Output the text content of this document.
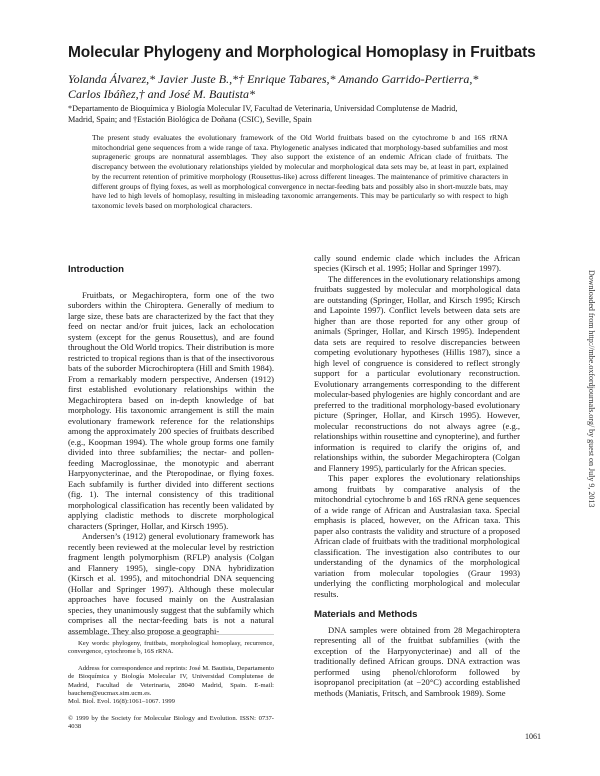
Molecular Phylogeny and Morphological Homoplasy in Fruitbats
Yolanda Álvarez,* Javier Juste B.,*† Enrique Tabares,* Amando Garrido-Pertierra,*
Carlos Ibáñez,† and José M. Bautista*
*Departamento de Bioquímica y Biología Molecular IV, Facultad de Veterinaria, Universidad Complutense de Madrid,
Madrid, Spain; and †Estación Biológica de Doñana (CSIC), Seville, Spain
The present study evaluates the evolutionary framework of the Old World fruitbats based on the cytochrome b and 16S rRNA mitochondrial gene sequences from a wide range of taxa. Phylogenetic analyses indicated that morphology-based subfamilies and most suprageneric groups are nonnatural assemblages. They also support the existence of an endemic African clade of fruitbats. The discrepancy between the evolutionary relationships yielded by molecular and morphological data sets may be, at least in part, explained by the recurrent retention of primitive morphology (Rousettus-like) across different lineages. The maintenance of primitive characters in different groups of flying foxes, as well as morphological convergence in nectar-feeding bats and possibly also in short-muzzle bats, may have led to high levels of homoplasy, resulting in misleading taxonomic arrangements. This may be particularly so with respect to high taxonomic levels based on morphological characters.
Introduction

Fruitbats, or Megachiroptera, form one of the two suborders within the Chiroptera. Generally of medium to large size, these bats are characterized by the fact that they feed on nectar and/or fruit juices, lack an echolocation system (except for the genus Rousettus), and are found throughout the Old World tropics. Their distribution is more restricted to tropical regions than is that of the insectivorous bats of the suborder Microchiroptera (Hill and Smith 1984). From a remarkably modern perspective, Andersen (1912) first established evolutionary relationships within the Megachiroptera based on in-depth knowledge of bat morphology. His taxonomic arrangement is still the main evolutionary framework reference for the relationships among the approximately 200 species of fruitbats described (e.g., Koopman 1994). The whole group forms one family divided into three subfamilies; the nectar- and pollen-feeding Macroglossinae, the monotypic and aberrant Harpyonycterinae, and the Pteropodinae, or flying foxes. Each subfamily is further divided into different sections (fig. 1). The internal consistency of this traditional morphological classification has recently been validated by applying cladistic methods to discrete morphological characters (Springer, Hollar, and Kirsch 1995).

Andersen’s (1912) general evolutionary framework has recently been reviewed at the molecular level by restriction fragment length polymorphism (RFLP) analysis (Colgan and Flannery 1995), single-copy DNA hybridization (Kirsch et al. 1995), and mitochondrial DNA sequencing (Hollar and Springer 1997). Although these molecular approaches have focused mainly on the Australasian species, they unanimously suggest that the subfamily which comprises all the nectar-feeding bats is not a natural assemblage. They also propose a geographi-

cally sound endemic clade which includes the African species (Kirsch et al. 1995; Hollar and Springer 1997).

The differences in the evolutionary relationships among fruitbats suggested by molecular and morphological data are outstanding (Springer, Hollar, and Kirsch 1995; Kirsch and Lapointe 1997). Conflict levels between data sets are higher than are those reported for any other group of animals (Springer, Hollar, and Kirsch 1995). Independent data sets are required to resolve discrepancies between competing evolutionary hypotheses (Hillis 1987), since a high level of congruence is considered to reflect strongly support for a particular evolutionary reconstruction. Evolutionary arrangements corresponding to the different molecular-based phylogenies are highly concordant and are preferred to the traditional morphology-based evolutionary picture (Springer, Hollar, and Kirsch 1995). However, molecular reconstructions do not always agree (e.g., relationships within rousettine and cynopterine), and further information is required to clarify the origins of, and relationships within, the suborder Megachiroptera (Colgan and Flannery 1995), particularly for the African species.

This paper explores the evolutionary relationships among fruitbats by comparative analysis of the mitochondrial cytochrome b and 16S rRNA gene sequences of a wide range of African and Australasian taxa. Special emphasis is placed, however, on the African taxa. This paper also contrasts the validity and structure of a proposed African clade of fruitbats with the traditional morphological classification. The investigation also contributes to our understanding of the dynamics of the morphological variation from molecular topologies (Graur 1993) underlying the conflicting morphological and molecular results.

Materials and Methods

DNA samples were obtained from 28 Megachiroptera representing all of the fruitbat subfamilies (with the exception of the Harpyonycterinae) and all of the traditionally defined African groups. DNA extraction was performed using phenol/chloroform followed by isopropanol precipitation (at −20°C) according established methods (Maniatis, Fritsch, and Sambrook 1989). Some

Key words: phylogeny, fruitbats, morphological homoplasy, recurrence, convergence, cytochrome b, 16S rRNA.
Address for correspondence and reprints: José M. Bautista, Departamento de Bioquímica y Biología Molecular IV, Universidad Complutense de Madrid, Facultad de Veterinaria, 28040 Madrid, Spain. E-mail: bauchem@eucmax.sim.ucm.es.
Mol. Biol. Evol. 16(8):1061–1067. 1999
© 1999 by the Society for Molecular Biology and Evolution. ISSN: 0737-4038
Downloaded from http://mbe.oxfordjournals.org/ by guest on July 9, 2013
1061
